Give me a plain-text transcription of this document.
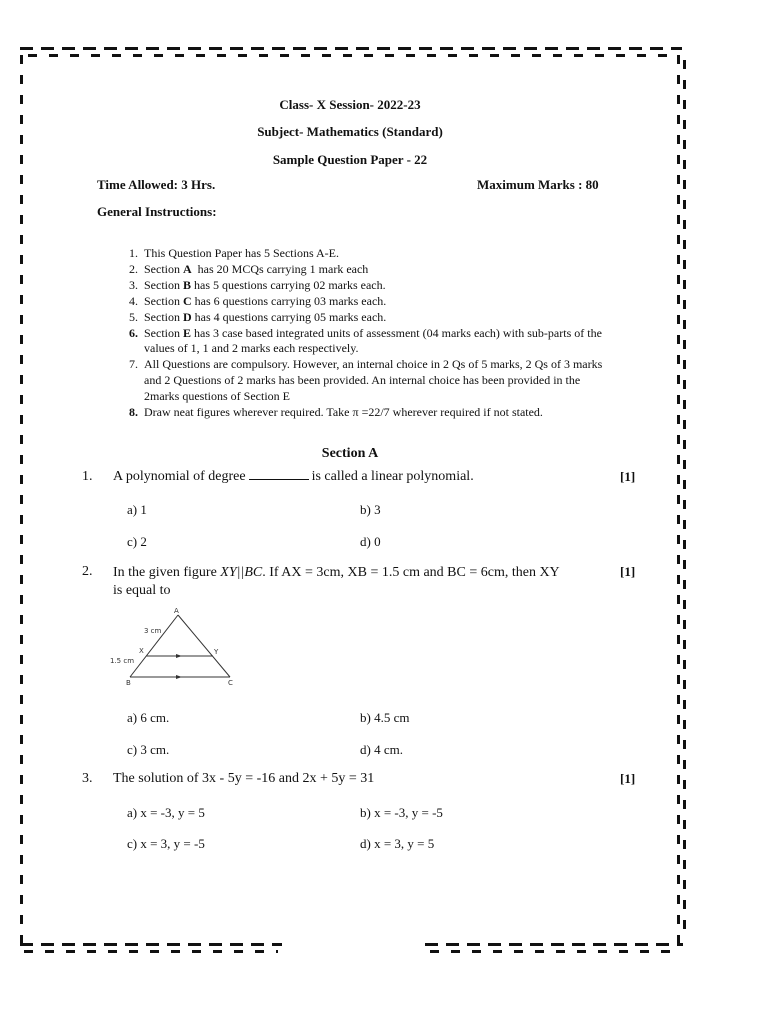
Class- X Session- 2022-23
Subject- Mathematics (Standard)
Sample Question Paper - 22
Time Allowed: 3 Hrs.	Maximum Marks : 80
General Instructions:
1. This Question Paper has 5 Sections A-E.
2. Section A  has 20 MCQs carrying 1 mark each
3. Section B has 5 questions carrying 02 marks each.
4. Section C has 6 questions carrying 03 marks each.
5. Section D has 4 questions carrying 05 marks each.
6. Section E has 3 case based integrated units of assessment (04 marks each) with sub-parts of the values of 1, 1 and 2 marks each respectively.
7. All Questions are compulsory. However, an internal choice in 2 Qs of 5 marks, 2 Qs of 3 marks and 2 Questions of 2 marks has been provided. An internal choice has been provided in the 2marks questions of Section E
8. Draw neat figures wherever required. Take π =22/7 wherever required if not stated.
Section A
1. A polynomial of degree	is called a linear polynomial.	[1]
a) 1	b) 3
c) 2	d) 0
2. In the given figure XY||BC. If AX = 3cm, XB = 1.5 cm and BC = 6cm, then XY
is equal to
[1]
A
X	Y
B	C
3 cm
1.5 cm
a) 6 cm.	b) 4.5 cm
c) 3 cm.	d) 4 cm.
3. The solution of 3x - 5y = -16 and 2x + 5y = 31	[1]
a) x = -3, y = 5	b) x = -3, y = -5
c) x = 3, y = -5	d) x = 3, y = 5
